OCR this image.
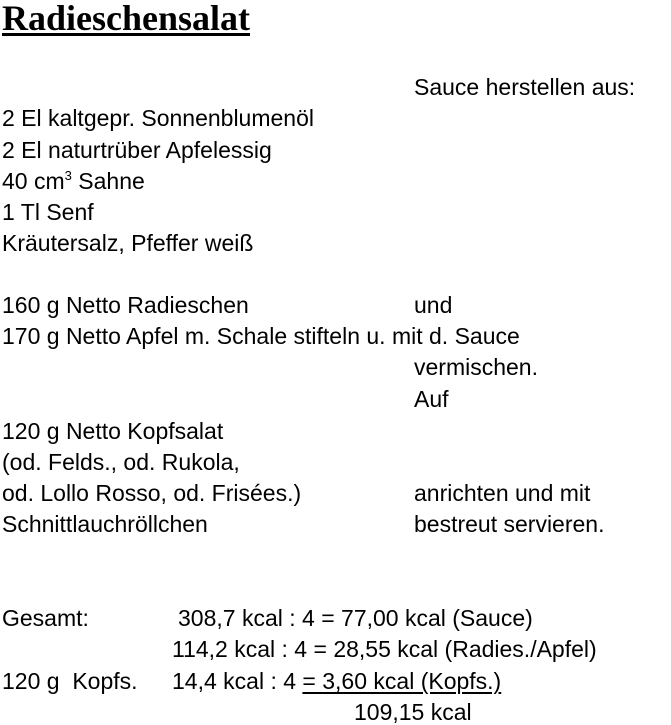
Radieschensalat
Sauce herstellen aus:
2 El kaltgepr. Sonnenblumenöl
2 El naturtrüber Apfelessig
40 $cm^3$ Sahne
1 Tl Senf
Kräutersalz, Pfeffer weiß
160 g Netto Radieschen	und
170 g Netto Apfel m. Schale stifteln u. mit d. Sauce
vermischen.
Auf
120 g Netto Kopfsalat
(od. Felds., od. Rukola,
od. Lollo Rosso, od. Frisées.)	anrichten und mit
Schnittlauchröllchen	bestreut servieren.
Gesamt:	308,7 kcal : 4 = 77,00 kcal (Sauce)
114,2 kcal : 4 = 28,55 kcal (Radies./Apfel)
120 g  Kopfs. 14,4 kcal : 4 = 3,60 kcal (Kopfs.)
109,15 kcal
